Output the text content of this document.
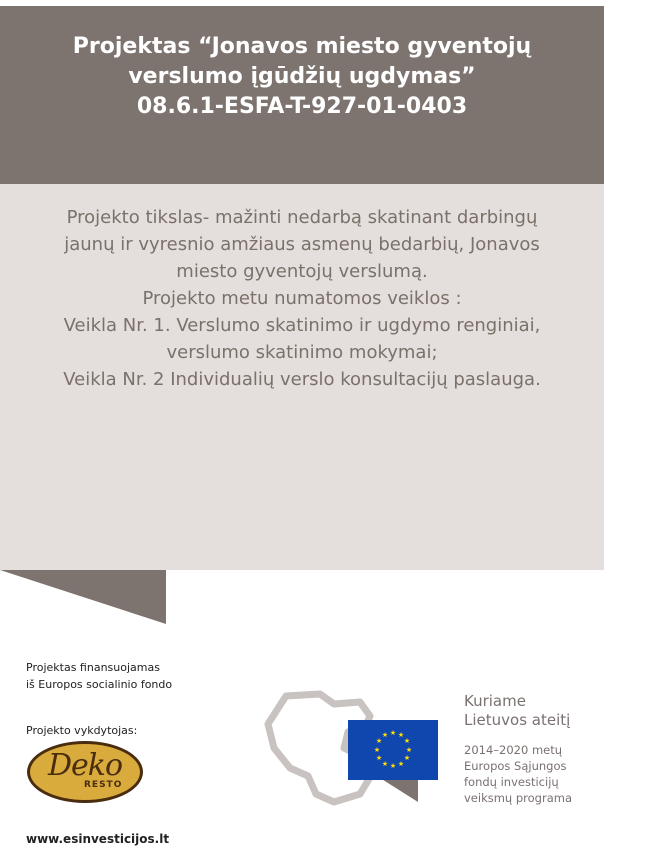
Projektas “Jonavos miesto gyventojų
verslumo įgūdžių ugdymas”
08.6.1-ESFA-T-927-01-0403
Projekto tikslas- mažinti nedarbą skatinant darbingų
jaunų ir vyresnio amžiaus asmenų bedarbių, Jonavos
miesto gyventojų verslumą.
Projekto metu numatomos veiklos :
Veikla Nr. 1. Verslumo skatinimo ir ugdymo renginiai,
verslumo skatinimo mokymai;
Veikla Nr. 2 Individualių verslo konsultacijų paslauga.
Projektas finansuojamas
iš Europos socialinio fondo
Projekto vykdytojas:
Deko
RESTO
www.esinvesticijos.lt
★ ★
★
★
★
★
★
★
★
★
★
★
Kuriame
Lietuvos ateitį
2014–2020 metų
Europos Sąjungos
fondų investicijų
veiksmų programa
